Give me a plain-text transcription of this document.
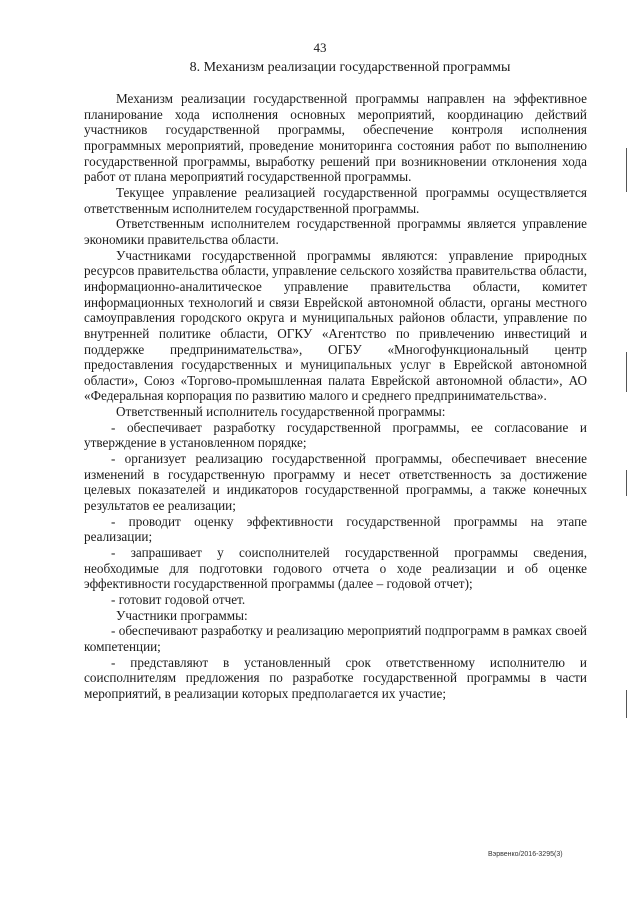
43
8. Механизм реализации государственной программы

Механизм реализации государственной программы направлен на эффективное планирование хода исполнения основных мероприятий, координацию действий участников государственной программы, обеспечение контроля исполнения программных мероприятий, проведение мониторинга состояния работ по выполнению государственной программы, выработку решений при возникновении отклонения хода работ от плана мероприятий государственной программы.

Текущее управление реализацией государственной программы осуществляется ответственным исполнителем государственной программы.

Ответственным исполнителем государственной программы является управление экономики правительства области.

Участниками государственной программы являются: управление природных ресурсов правительства области, управление сельского хозяйства правительства области, информационно-аналитическое управление правительства области, комитет информационных технологий и связи Еврейской автономной области, органы местного самоуправления городского округа и муниципальных районов области, управление по внутренней политике области, ОГКУ «Агентство по привлечению инвестиций и поддержке предпринимательства», ОГБУ «Многофункциональный центр предоставления государственных и муниципальных услуг в Еврейской автономной области», Союз «Торгово-промышленная палата Еврейской автономной области», АО «Федеральная корпорация по развитию малого и среднего предпринимательства».

Ответственный исполнитель государственной программы:

- обеспечивает разработку государственной программы, ее согласование и утверждение в установленном порядке;

- организует реализацию государственной программы, обеспечивает внесение изменений в государственную программу и несет ответственность за достижение целевых показателей и индикаторов государственной программы, а также конечных результатов ее реализации;

- проводит оценку эффективности государственной программы на этапе реализации;

- запрашивает у соисполнителей государственной программы сведения, необходимые для подготовки годового отчета о ходе реализации и об оценке эффективности государственной программы (далее – годовой отчет);

- готовит годовой отчет.

Участники программы:

- обеспечивают разработку и реализацию мероприятий подпрограмм в рамках своей компетенции;

- представляют в установленный срок ответственному исполнителю и соисполнителям предложения по разработке государственной программы в части мероприятий, в реализации которых предполагается их участие;

Вэрвенко/2016-3295(3)
